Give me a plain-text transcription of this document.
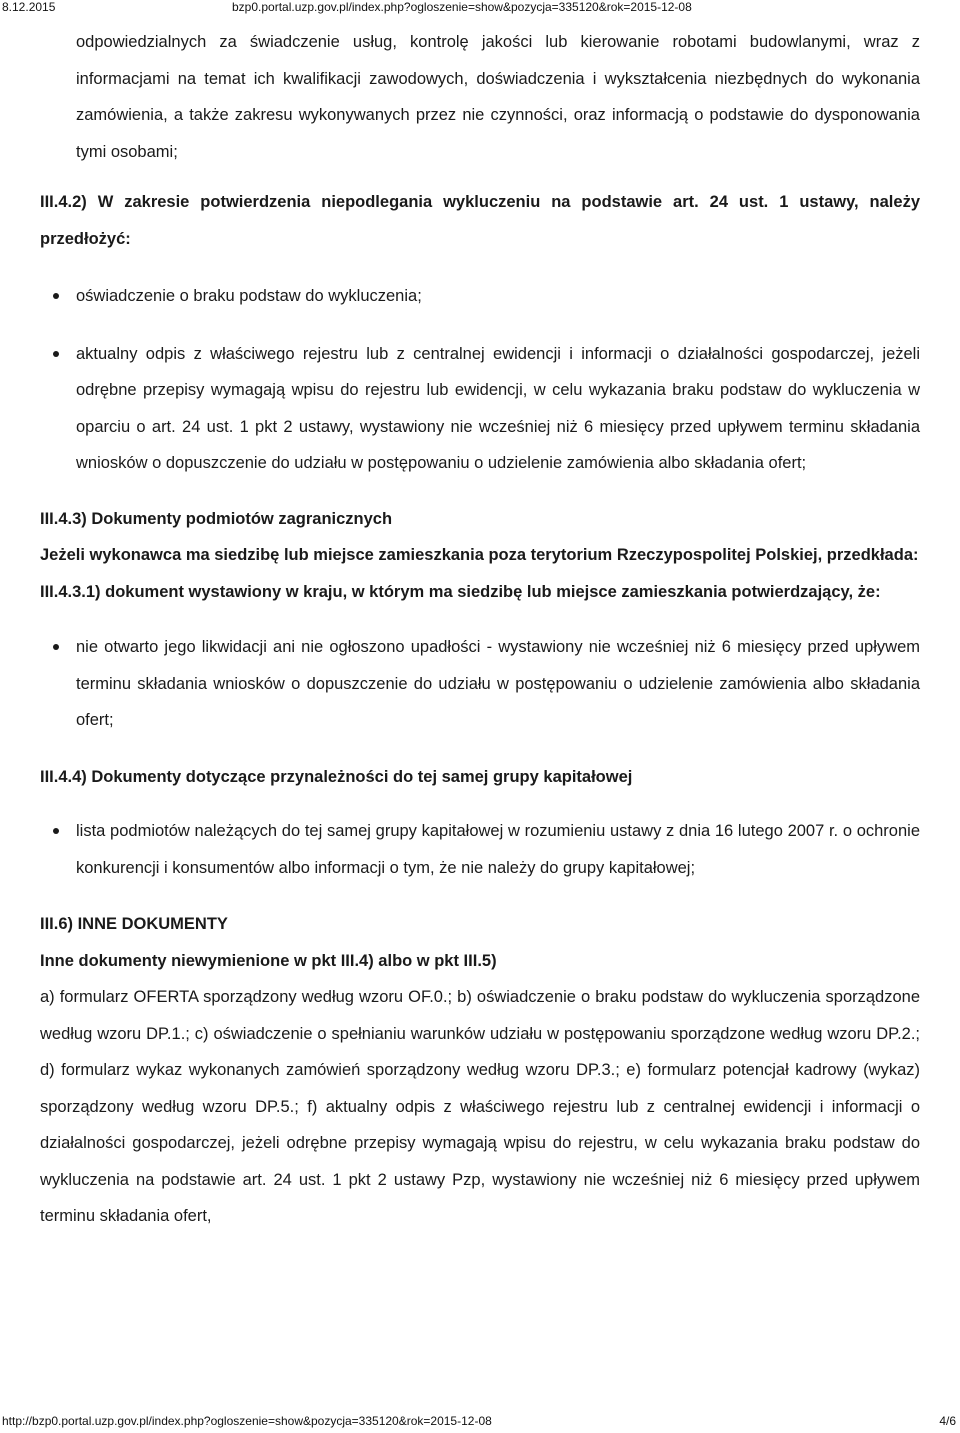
8.12.2015	bzp0.portal.uzp.gov.pl/index.php?ogloszenie=show&pozycja=335120&rok=2015-12-08

odpowiedzialnych za świadczenie usług, kontrolę jakości lub kierowanie robotami budowlanymi, wraz z informacjami na temat ich kwalifikacji zawodowych, doświadczenia i wykształcenia niezbędnych do wykonania zamówienia, a także zakresu wykonywanych przez nie czynności, oraz informacją o podstawie do dysponowania tymi osobami;

III.4.2) W zakresie potwierdzenia niepodlegania wykluczeniu na podstawie art. 24 ust. 1 ustawy, należy przedłożyć:

oświadczenie o braku podstaw do wykluczenia;
aktualny odpis z właściwego rejestru lub z centralnej ewidencji i informacji o działalności gospodarczej, jeżeli odrębne przepisy wymagają wpisu do rejestru lub ewidencji, w celu wykazania braku podstaw do wykluczenia w oparciu o art. 24 ust. 1 pkt 2 ustawy, wystawiony nie wcześniej niż 6 miesięcy przed upływem terminu składania wniosków o dopuszczenie do udziału w postępowaniu o udzielenie zamówienia albo składania ofert;

III.4.3) Dokumenty podmiotów zagranicznych

Jeżeli wykonawca ma siedzibę lub miejsce zamieszkania poza terytorium Rzeczypospolitej Polskiej, przedkłada:

III.4.3.1) dokument wystawiony w kraju, w którym ma siedzibę lub miejsce zamieszkania potwierdzający, że:

nie otwarto jego likwidacji ani nie ogłoszono upadłości - wystawiony nie wcześniej niż 6 miesięcy przed upływem terminu składania wniosków o dopuszczenie do udziału w postępowaniu o udzielenie zamówienia albo składania ofert;

III.4.4) Dokumenty dotyczące przynależności do tej samej grupy kapitałowej

lista podmiotów należących do tej samej grupy kapitałowej w rozumieniu ustawy z dnia 16 lutego 2007 r. o ochronie konkurencji i konsumentów albo informacji o tym, że nie należy do grupy kapitałowej;

III.6) INNE DOKUMENTY

Inne dokumenty niewymienione w pkt III.4) albo w pkt III.5)

a) formularz OFERTA sporządzony według wzoru OF.0.; b) oświadczenie o braku podstaw do wykluczenia sporządzone według wzoru DP.1.; c) oświadczenie o spełnianiu warunków udziału w postępowaniu sporządzone według wzoru DP.2.; d) formularz wykaz wykonanych zamówień sporządzony według wzoru DP.3.; e) formularz potencjał kadrowy (wykaz) sporządzony według wzoru DP.5.; f) aktualny odpis z właściwego rejestru lub z centralnej ewidencji i informacji o działalności gospodarczej, jeżeli odrębne przepisy wymagają wpisu do rejestru, w celu wykazania braku podstaw do wykluczenia na podstawie art. 24 ust. 1 pkt 2 ustawy Pzp, wystawiony nie wcześniej niż 6 miesięcy przed upływem terminu składania ofert,

http://bzp0.portal.uzp.gov.pl/index.php?ogloszenie=show&pozycja=335120&rok=2015-12-08	4/6
